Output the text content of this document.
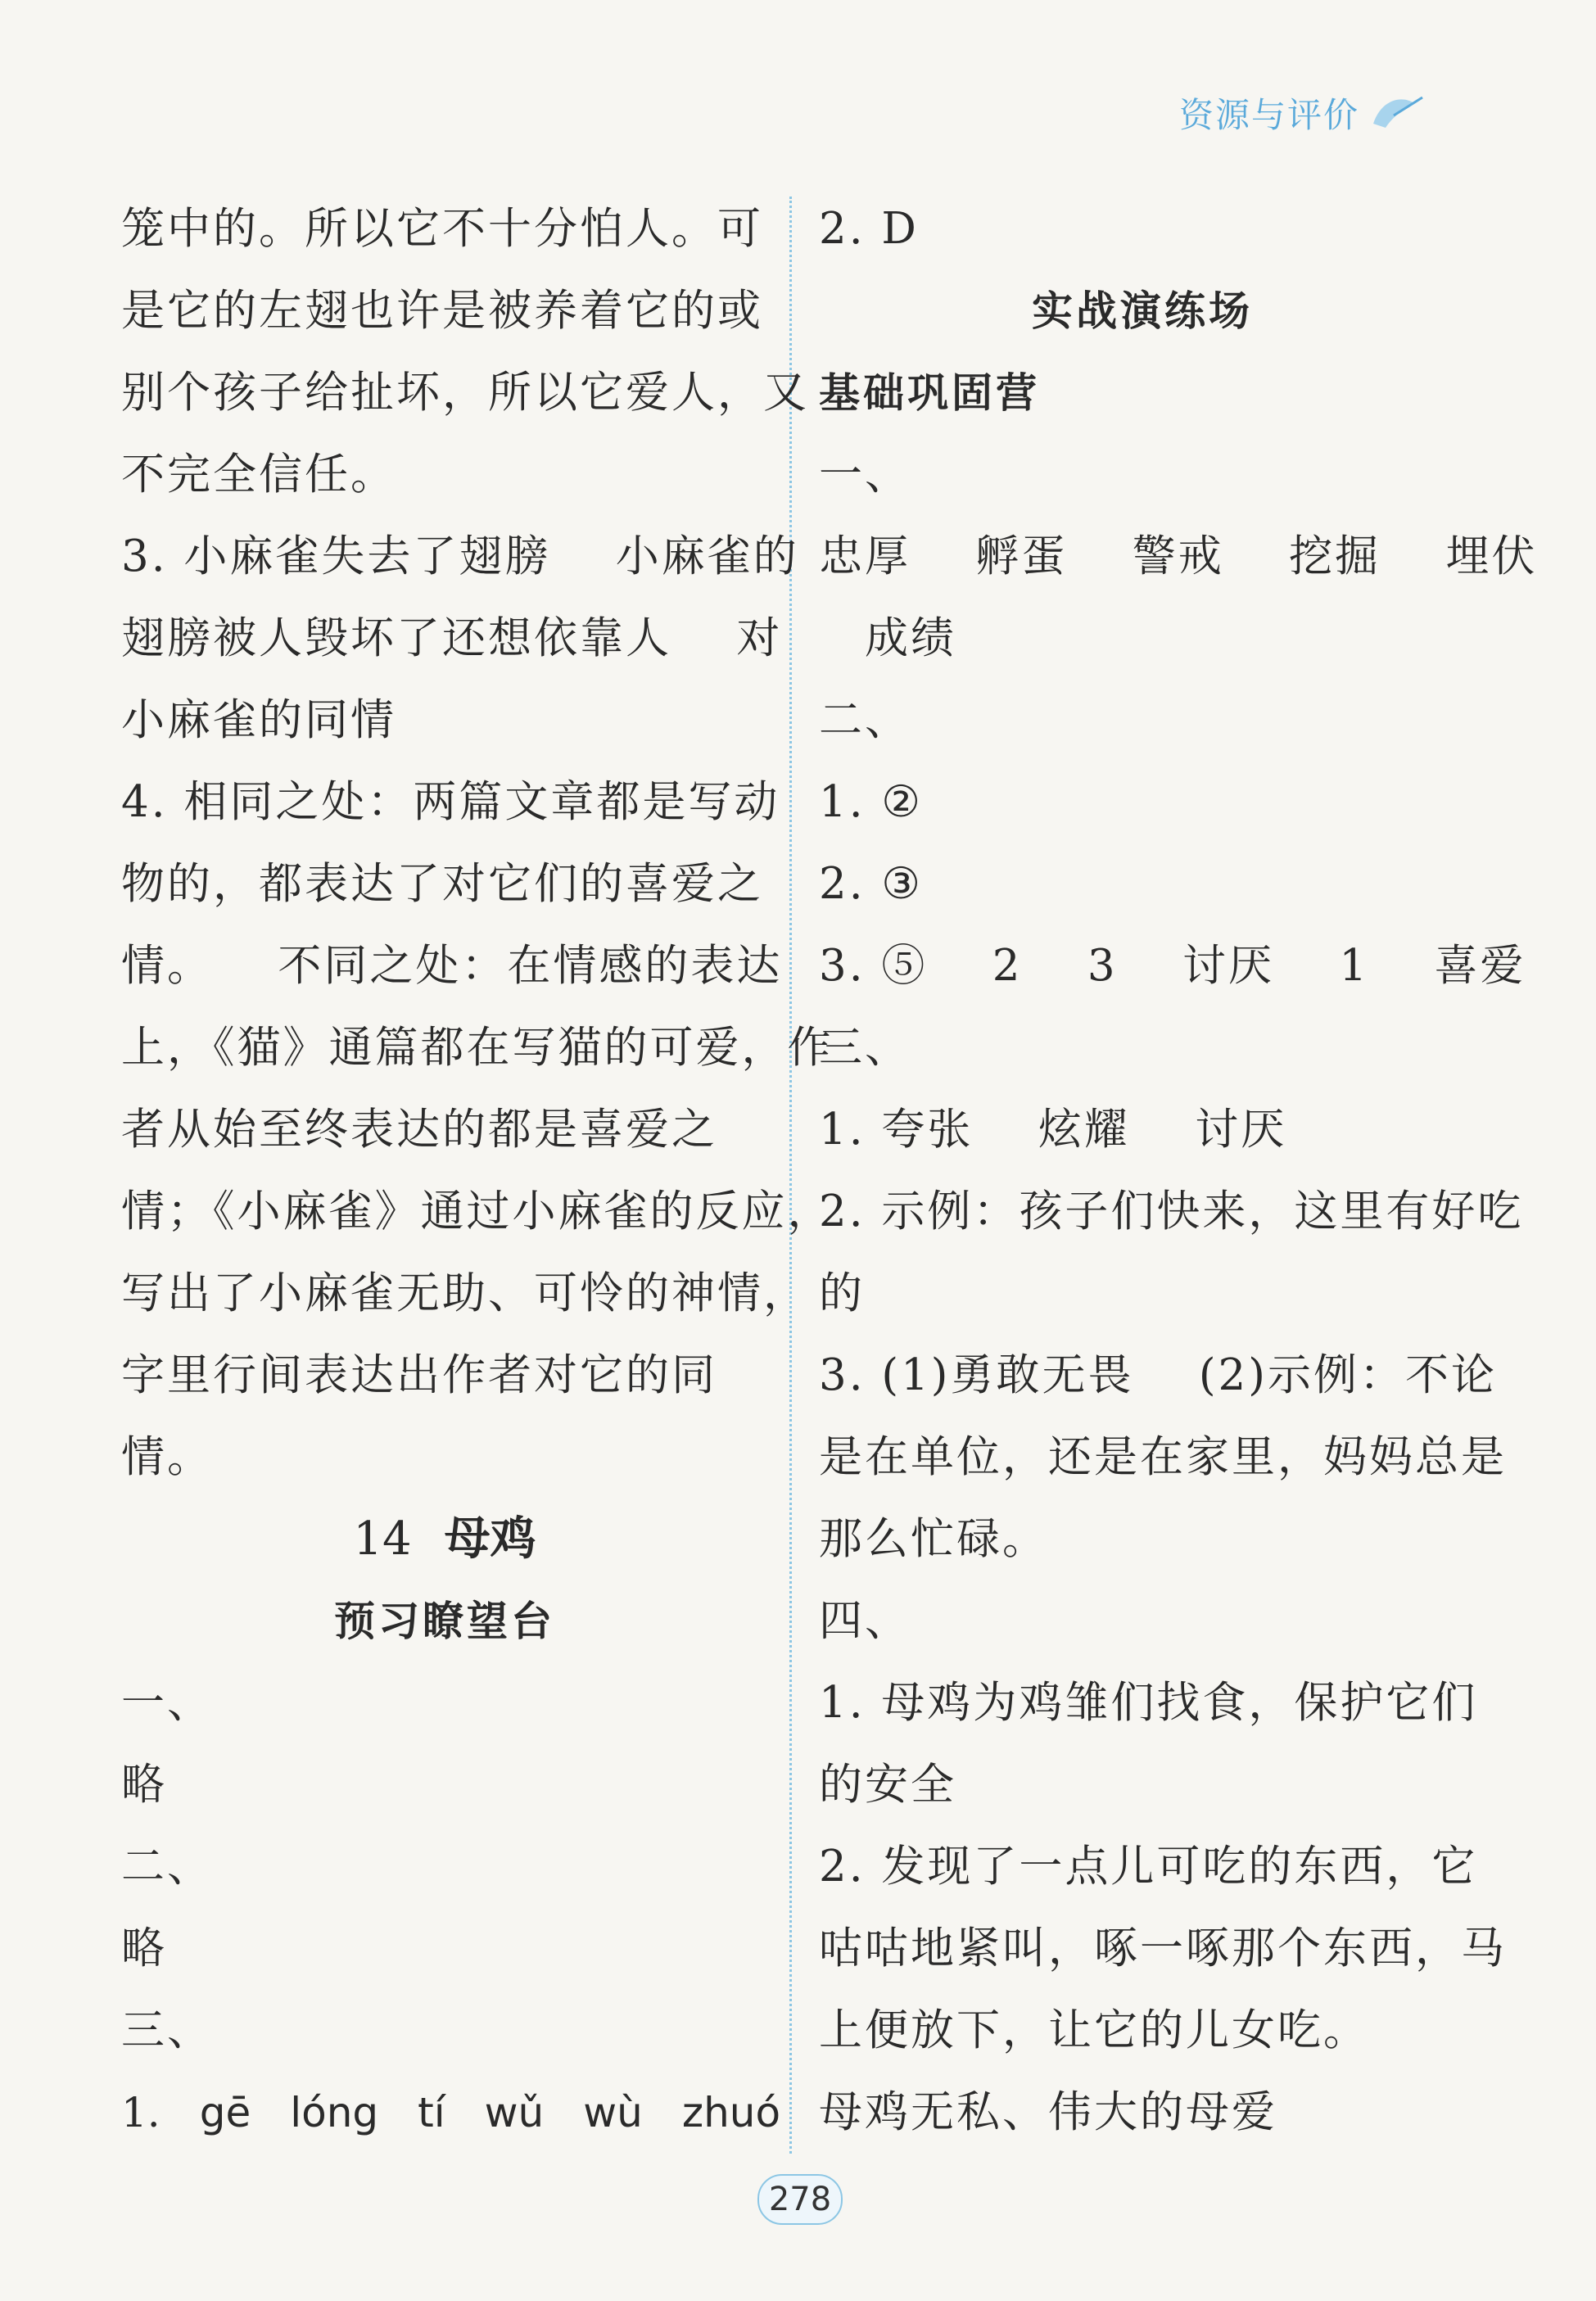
资源与评价
笼中的。所以它不十分怕人。可
是它的左翅也许是被养着它的或
别个孩子给扯坏，所以它爱人，又
不完全信任。
3. 小麻雀失去了翅膀    小麻雀的
翅膀被人毁坏了还想依靠人    对
小麻雀的同情
4. 相同之处：两篇文章都是写动
物的，都表达了对它们的喜爱之
情。    不同之处：在情感的表达
上，《猫》通篇都在写猫的可爱，作
者从始至终表达的都是喜爱之
情；《小麻雀》通过小麻雀的反应，
写出了小麻雀无助、可怜的神情，
字里行间表达出作者对它的同
情。
14 母鸡
预习瞭望台
一、
略
二、
略
三、
1. gē lóng tí wǔ wù zhuó
2. D
实战演练场
基础巩固营
一、
忠厚    孵蛋    警戒    挖掘    埋伏
成绩
二、
1. ②
2. ③
3. ⑤    2    3    讨厌    1    喜爱
三、
1. 夸张    炫耀    讨厌
2. 示例：孩子们快来，这里有好吃
的
3. (1)勇敢无畏    (2)示例：不论
是在单位，还是在家里，妈妈总是
那么忙碌。
四、
1. 母鸡为鸡雏们找食，保护它们
的安全
2. 发现了一点儿可吃的东西，它
咕咕地紧叫，啄一啄那个东西，马
上便放下，让它的儿女吃。
母鸡无私、伟大的母爱
278
